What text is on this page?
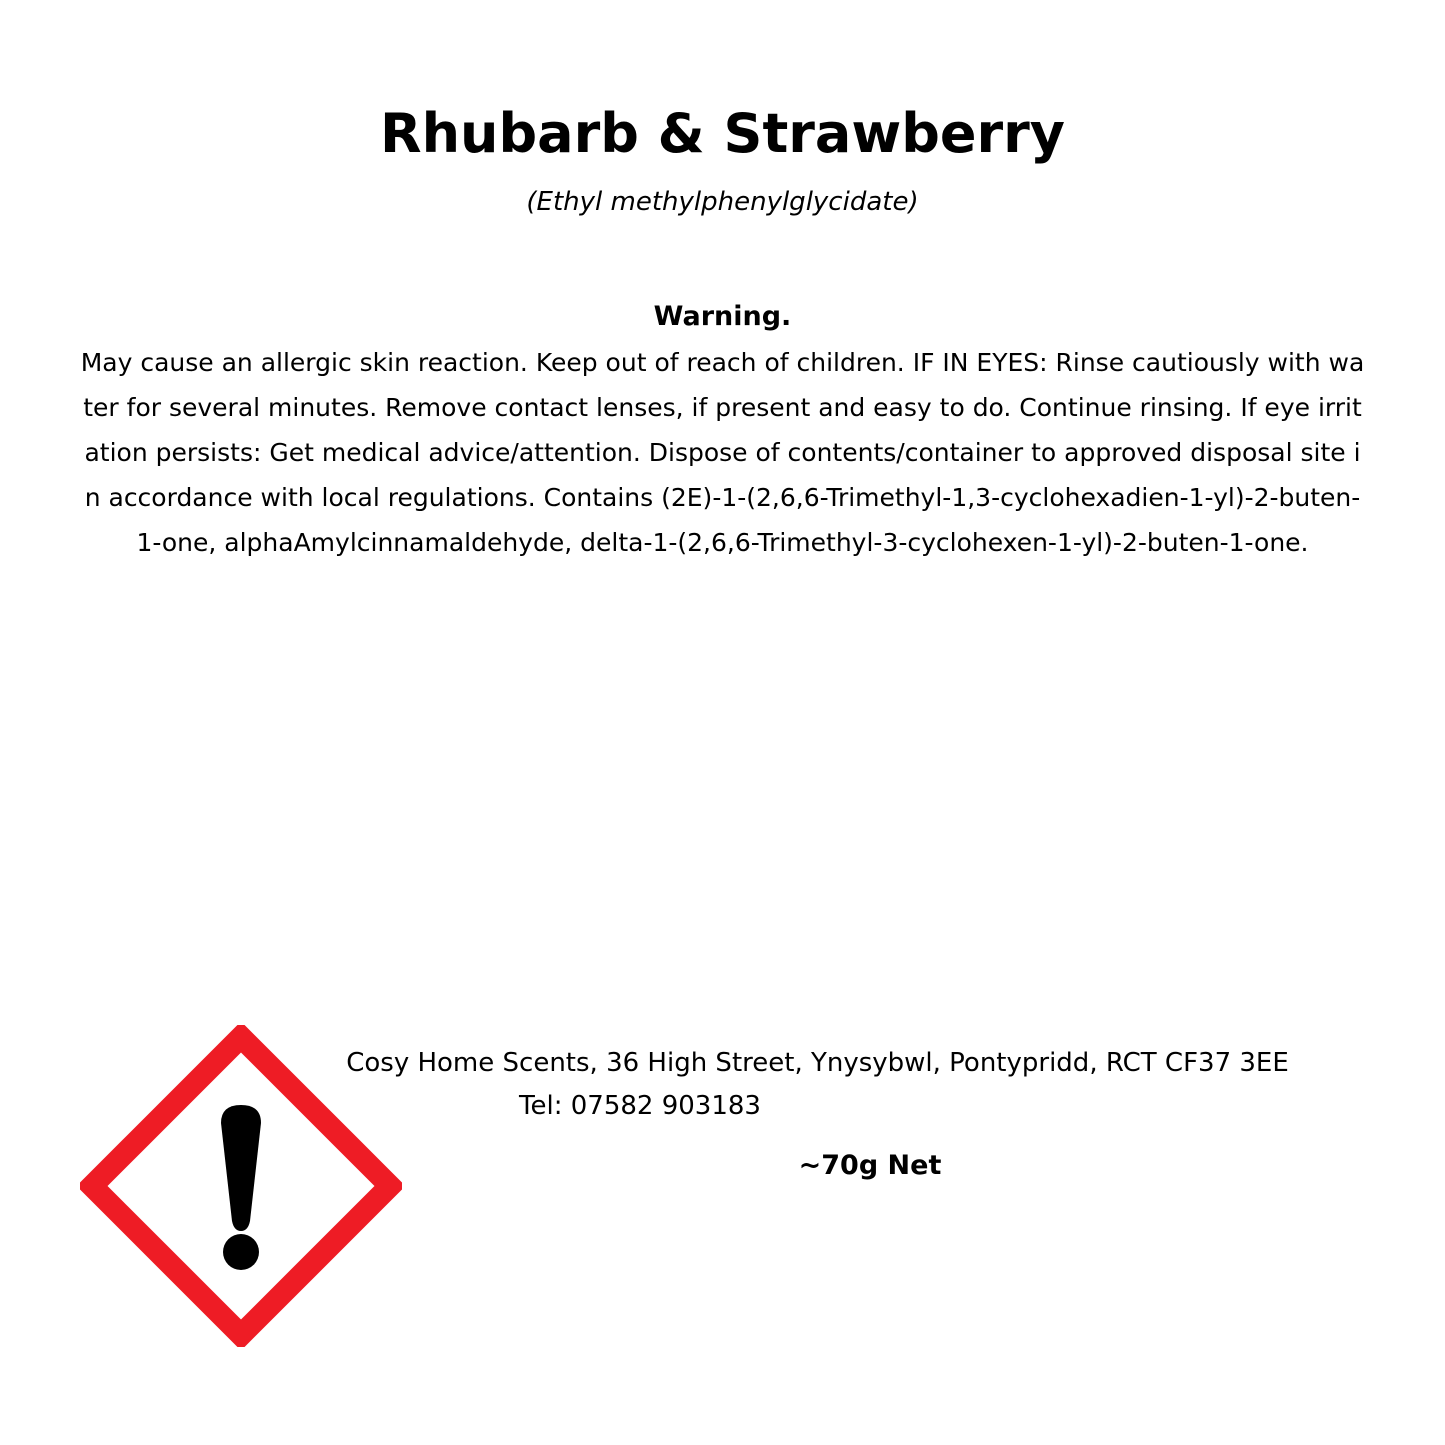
Rhubarb & Strawberry
(Ethyl methylphenylglycidate)
Warning.
May cause an allergic skin reaction. Keep out of reach of children. IF IN EYES: Rinse cautiously with water for several minutes. Remove contact lenses, if present and easy to do. Continue rinsing. If eye irritation persists: Get medical advice/attention. Dispose of contents/container to approved disposal site in accordance with local regulations. Contains (2E)-1-(2,6,6-Trimethyl-1,3-cyclohexadien-1-yl)-2-buten-1-one, alphaAmylcinnamaldehyde, delta-1-(2,6,6-Trimethyl-3-cyclohexen-1-yl)-2-buten-1-one.
Cosy Home Scents, 36 High Street, Ynysybwl, Pontypridd, RCT CF37 3EE
Tel: 07582 903183
~70g Net
